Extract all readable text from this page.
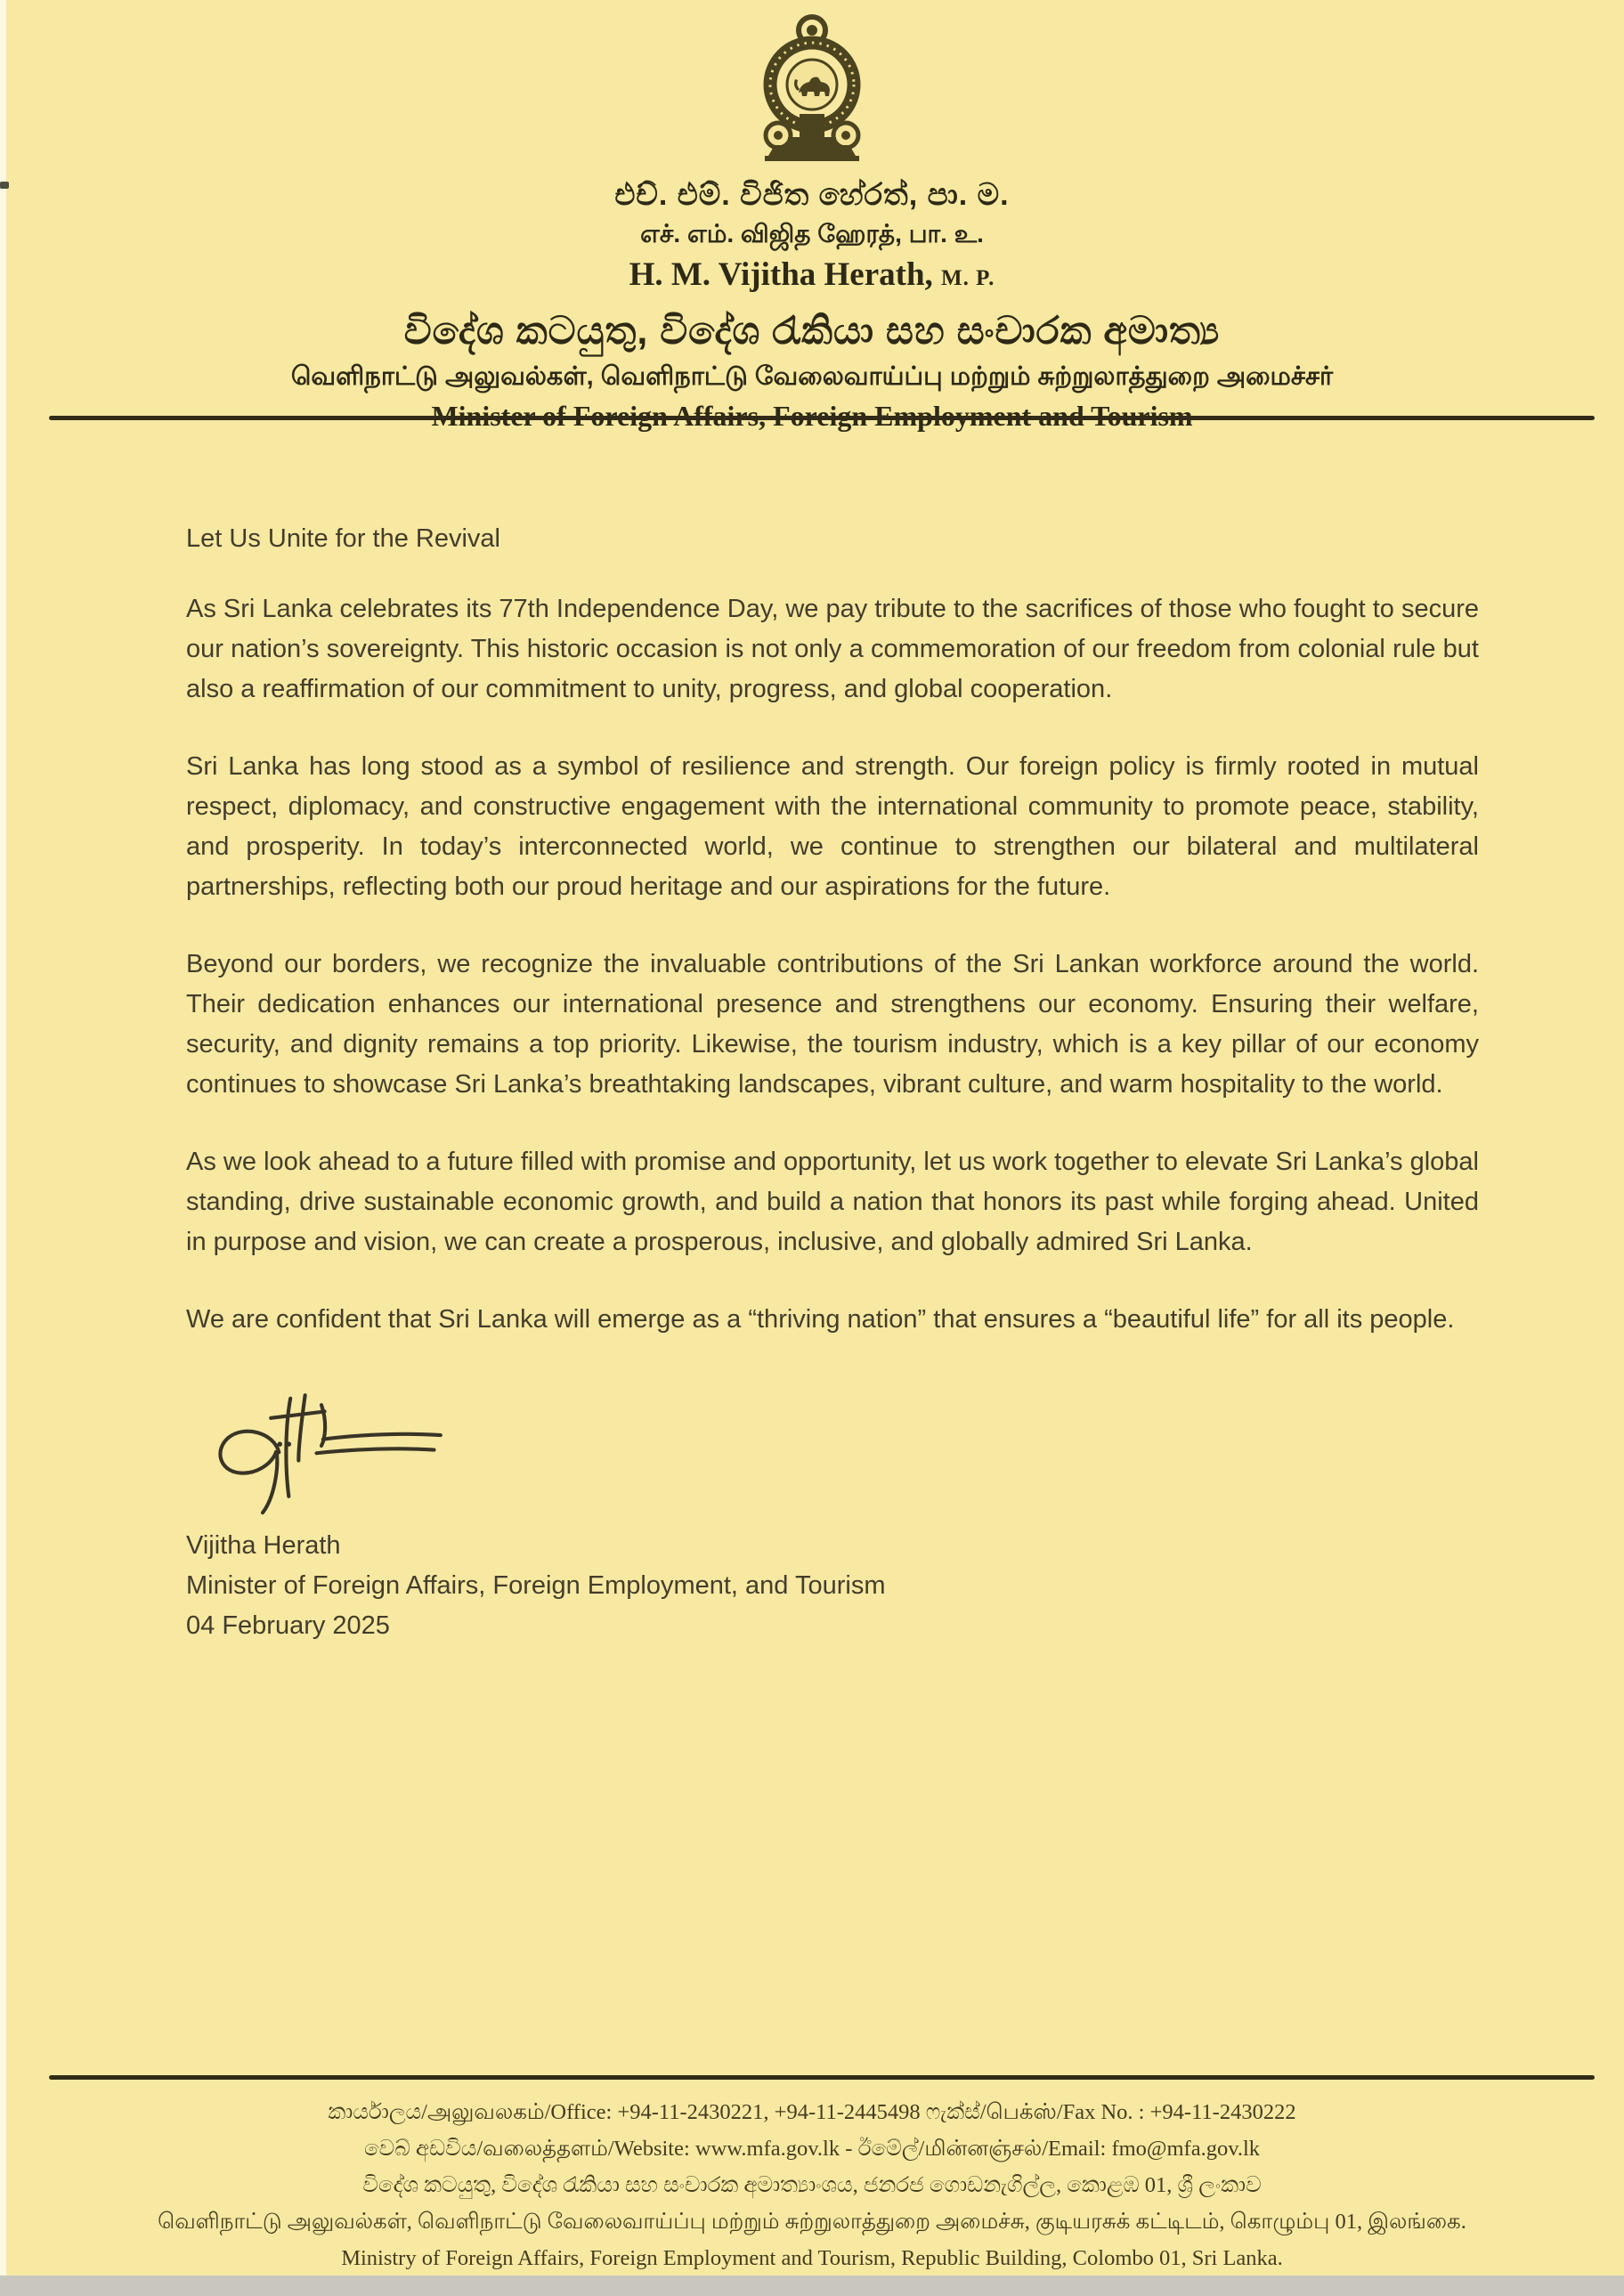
එච්. එම්. විජිත හේරත්, පා. ම.
எச். எம். விஜித ஹேரத், பா. உ.
H. M. Vijitha Herath, M. P.
විදේශ කටයුතු, විදේශ රැකියා සහ සංචාරක අමාත්‍ය
வெளிநாட்டு அலுவல்கள், வெளிநாட்டு வேலைவாய்ப்பு மற்றும் சுற்றுலாத்துறை அமைச்சர்
Let Us Unite for the Revival

As Sri Lanka celebrates its 77th Independence Day, we pay tribute to the sacrifices of those who fought to secure our nation’s sovereignty. This historic occasion is not only a commemoration of our freedom from colonial rule but also a reaffirmation of our commitment to unity, progress, and global cooperation.

Sri Lanka has long stood as a symbol of resilience and strength. Our foreign policy is firmly rooted in mutual respect, diplomacy, and constructive engagement with the international community to promote peace, stability, and prosperity. In today’s interconnected world, we continue to strengthen our bilateral and multilateral partnerships, reflecting both our proud heritage and our aspirations for the future.

Beyond our borders, we recognize the invaluable contributions of the Sri Lankan workforce around the world. Their dedication enhances our international presence and strengthens our economy. Ensuring their welfare, security, and dignity remains a top priority. Likewise, the tourism industry, which is a key pillar of our economy continues to showcase Sri Lanka’s breathtaking landscapes, vibrant culture, and warm hospitality to the world.

As we look ahead to a future filled with promise and opportunity, let us work together to elevate Sri Lanka’s global standing, drive sustainable economic growth, and build a nation that honors its past while forging ahead. United in purpose and vision, we can create a prosperous, inclusive, and globally admired Sri Lanka.

We are confident that Sri Lanka will emerge as a “thriving nation” that ensures a “beautiful life” for all its people.

Vijitha Herath
Minister of Foreign Affairs, Foreign Employment, and Tourism
04 February 2025
කාර්යාලය/அலுவலகம்/Office: +94-11-2430221, +94-11-2445498 ෆැක්ස්/பெக்ஸ்/Fax No. : +94-11-2430222
වෙබ් අඩවිය/வலைத்தளம்/Website: www.mfa.gov.lk - ඊමේල්/மின்னஞ்சல்/Email: fmo@mfa.gov.lk
විදේශ කටයුතු, විදේශ රැකියා සහ සංචාරක අමාත්‍යාංශය, ජනරජ ගොඩනැගිල්ල, කොළඹ 01, ශ්‍රී ලංකාව
வெளிநாட்டு அலுவல்கள், வெளிநாட்டு வேலைவாய்ப்பு மற்றும் சுற்றுலாத்துறை அமைச்சு, குடியரசுக் கட்டிடம், கொழும்பு 01, இலங்கை.
Ministry of Foreign Affairs, Foreign Employment and Tourism, Republic Building, Colombo 01, Sri Lanka.
